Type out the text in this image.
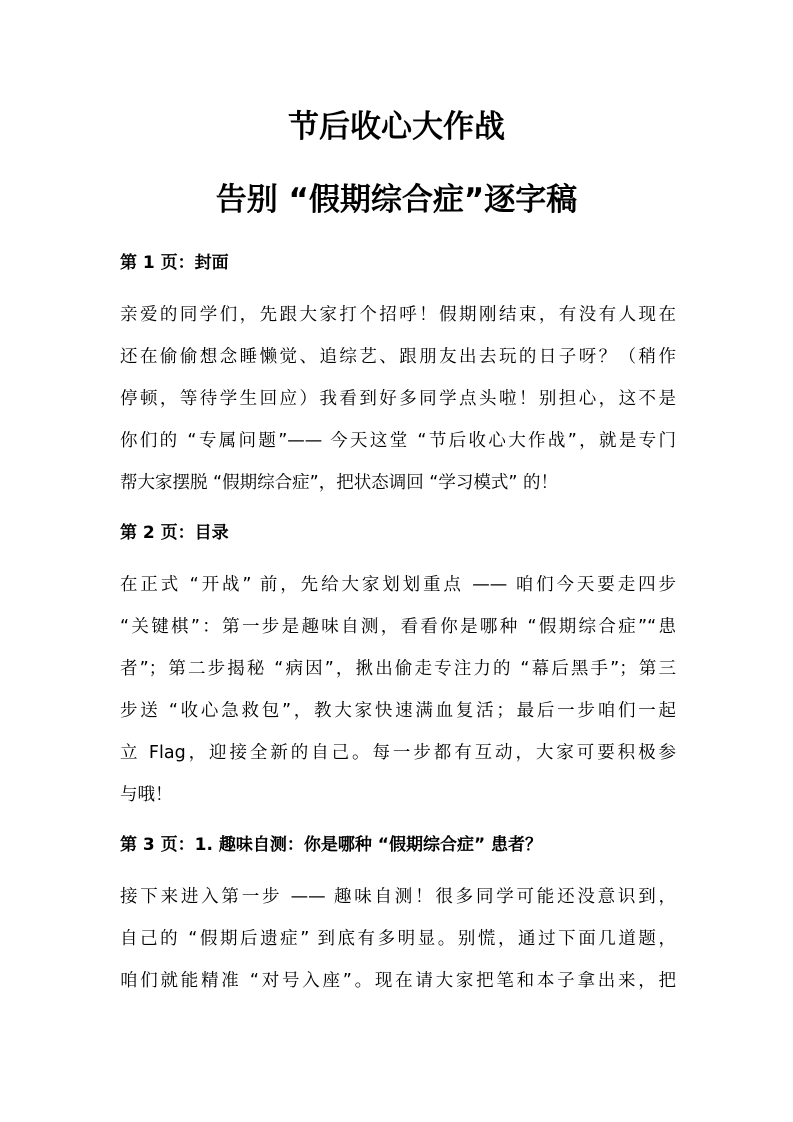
节后收心大作战
告别 “假期综合症”逐字稿
第 1 页：封面
亲爱的同学们，先跟大家打个招呼！假期刚结束，有没有人现在
还在偷偷想念睡懒觉、追综艺、跟朋友出去玩的日子呀？（稍作
停顿，等待学生回应）我看到好多同学点头啦！别担心，这不是
你们的 “专属问题”—— 今天这堂 “节后收心大作战”，就是专门
帮大家摆脱 “假期综合症”，把状态调回 “学习模式” 的！
第 2 页：目录
在正式 “开战” 前，先给大家划划重点 —— 咱们今天要走四步
“关键棋”：第一步是趣味自测，看看你是哪种 “假期综合症”“患
者”；第二步揭秘 “病因”，揪出偷走专注力的 “幕后黑手”；第三
步送 “收心急救包”，教大家快速满血复活；最后一步咱们一起
立 Flag，迎接全新的自己。每一步都有互动，大家可要积极参
与哦！
第 3 页：1. 趣味自测：你是哪种 “假期综合症” 患者？
接下来进入第一步 —— 趣味自测！很多同学可能还没意识到，
自己的 “假期后遗症” 到底有多明显。别慌，通过下面几道题，
咱们就能精准 “对号入座”。现在请大家把笔和本子拿出来，把
